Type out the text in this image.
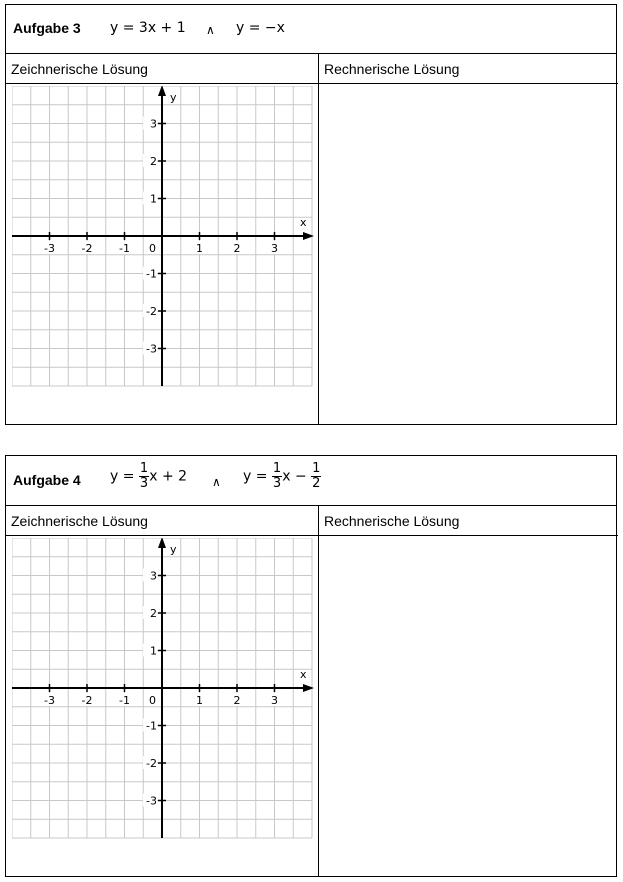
Aufgabe 3 y = 3x + 1 ∧ y = −x
Zeichnerische Lösung
x
y
0
-3 -2 -1	1	2	3
3
2
1
-1
-2
-3
Rechnerische Lösung
Aufgabe 4 $y = \frac{1}{3}$ x + 2 ∧ $y = \frac{1}{3}$ $x - \frac{1}{2}$
Zeichnerische Lösung
x
y
0
-3 -2 -1	1	2	3
3
2
1
-1
-2
-3
Rechnerische Lösung
